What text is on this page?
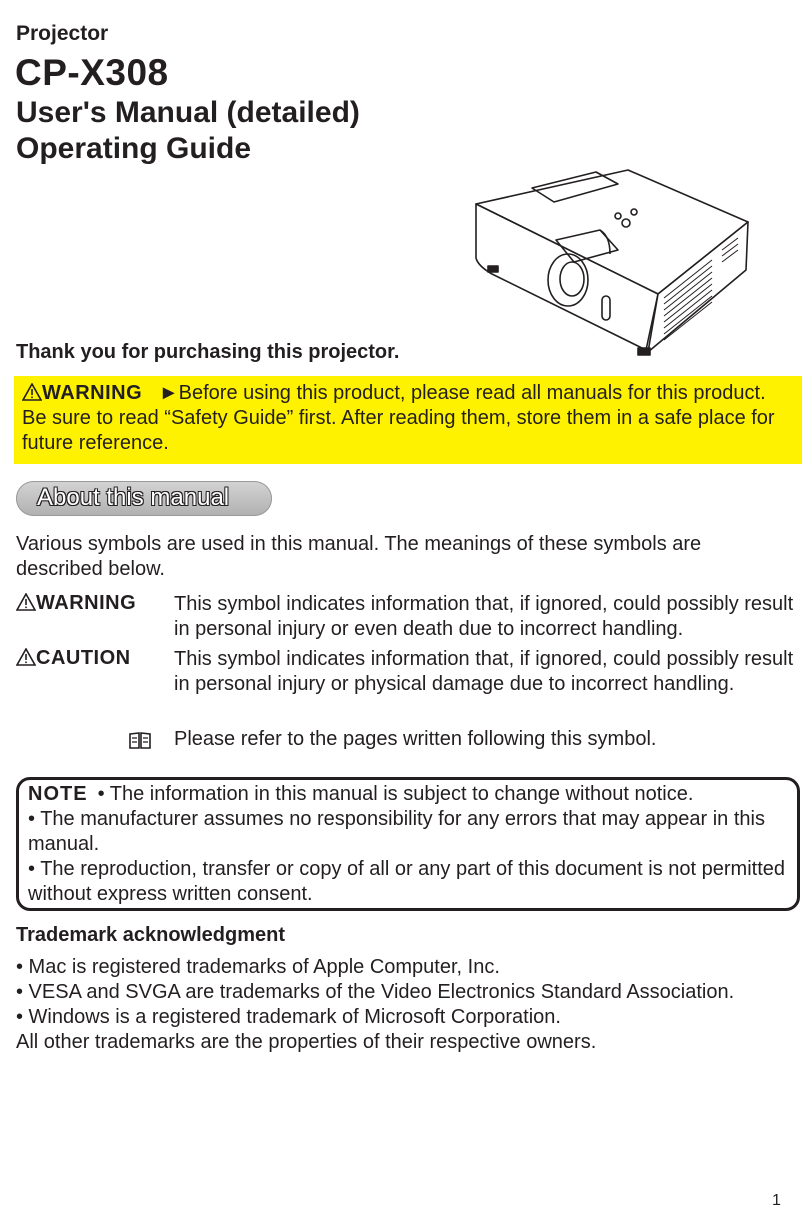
Projector
CP-X308
User's Manual (detailed)
Operating Guide
Thank you for purchasing this projector.
WARNING ►Before using this product, please read all manuals for this product. Be sure to read “Safety Guide” first. After reading them, store them in a safe place for future reference.
About this manual
Various symbols are used in this manual. The meanings of these symbols are described below.
WARNING This symbol indicates information that, if ignored, could possibly result in personal injury or even death due to incorrect handling.
CAUTION This symbol indicates information that, if ignored, could possibly result in personal injury or physical damage due to incorrect handling.
Please refer to the pages written following this symbol.
NOTE • The information in this manual is subject to change without notice.
• The manufacturer assumes no responsibility for any errors that may appear in this manual.
• The reproduction, transfer or copy of all or any part of this document is not permitted without express written consent.
Trademark acknowledgment
• Mac is registered trademarks of Apple Computer, Inc.
• VESA and SVGA are trademarks of the Video Electronics Standard Association.
• Windows is a registered trademark of Microsoft Corporation.
All other trademarks are the properties of their respective owners.
1
